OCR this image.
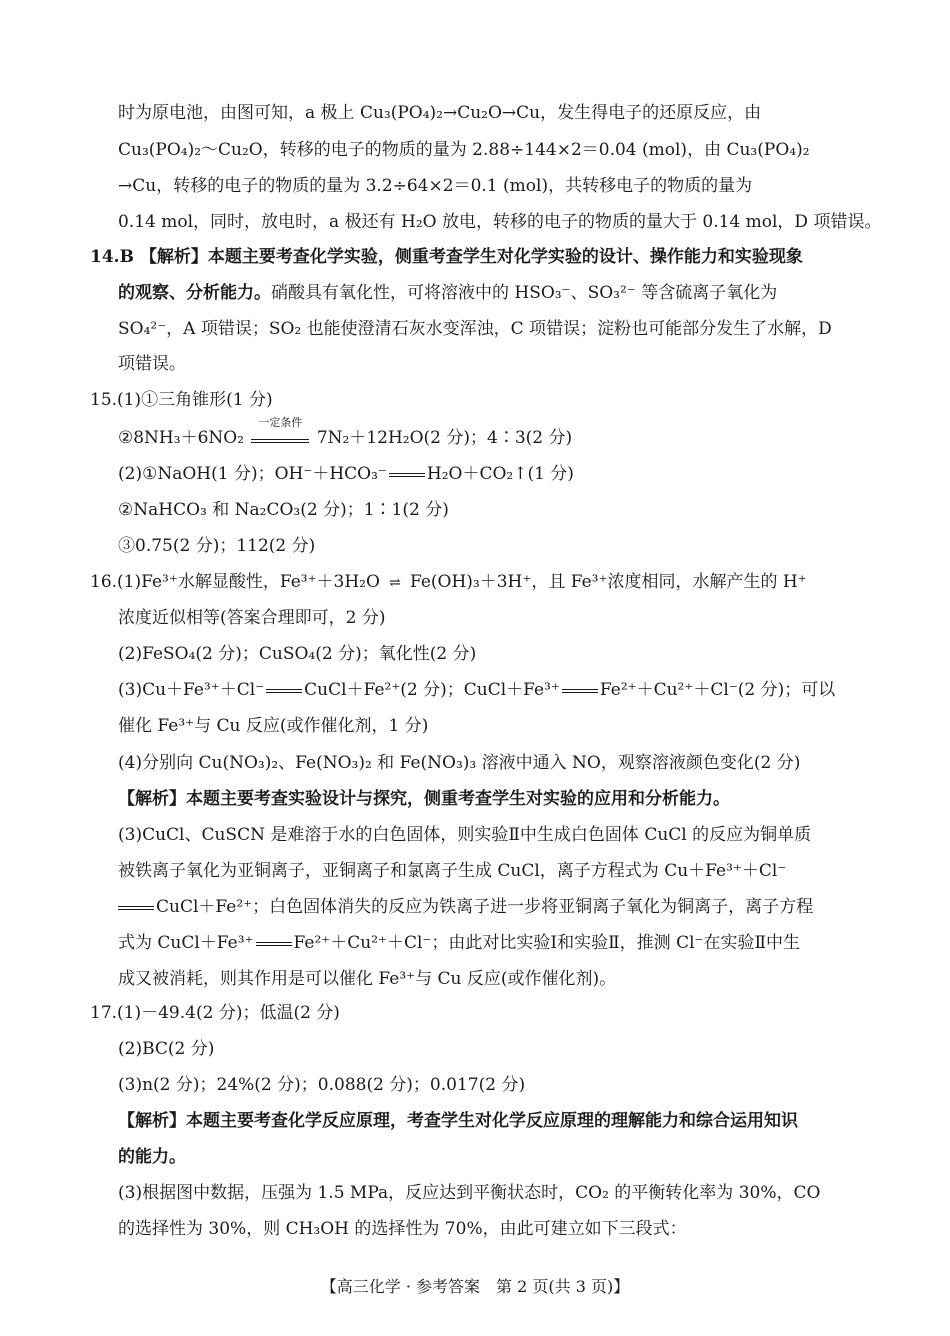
时为原电池，由图可知，a 极上 Cu₃(PO₄)₂→Cu₂O→Cu，发生得电子的还原反应，由
Cu₃(PO₄)₂～Cu₂O，转移的电子的物质的量为 2.88÷144×2＝0.04 (mol)，由 Cu₃(PO₄)₂
→Cu，转移的电子的物质的量为 3.2÷64×2＝0.1 (mol)，共转移电子的物质的量为
0.14 mol，同时，放电时，a 极还有 H₂O 放电，转移的电子的物质的量大于 0.14 mol，D 项错误。
14.B 【解析】本题主要考查化学实验，侧重考查学生对化学实验的设计、操作能力和实验现象
的观察、分析能力。硝酸具有氧化性，可将溶液中的 HSO₃⁻、SO₃²⁻ 等含硫离子氧化为
SO₄²⁻，A 项错误；SO₂ 也能使澄清石灰水变浑浊，C 项错误；淀粉也可能部分发生了水解，D
项错误。
15.(1)①三角锥形(1 分)
②8NH₃＋6NO₂
一定条件
7N₂＋12H₂O(2 分)；4∶3(2 分)
(2)①NaOH(1 分)；OH⁻＋HCO₃⁻ H₂O＋CO₂↑(1 分)
②NaHCO₃ 和 Na₂CO₃(2 分)；1∶1(2 分)
③0.75(2 分)；112(2 分)
16.(1)Fe³⁺水解显酸性，Fe³⁺＋3H₂O ⇌ Fe(OH)₃＋3H⁺，且 Fe³⁺浓度相同，水解产生的 H⁺
浓度近似相等(答案合理即可，2 分)
(2)FeSO₄(2 分)；CuSO₄(2 分)；氧化性(2 分)
(3)Cu＋Fe³⁺＋Cl⁻ CuCl＋Fe²⁺(2 分)；CuCl＋Fe³⁺ Fe²⁺＋Cu²⁺＋Cl⁻(2 分)；可以
催化 Fe³⁺与 Cu 反应(或作催化剂，1 分)
(4)分别向 Cu(NO₃)₂、Fe(NO₃)₂ 和 Fe(NO₃)₃ 溶液中通入 NO，观察溶液颜色变化(2 分)
【解析】本题主要考查实验设计与探究，侧重考查学生对实验的应用和分析能力。
(3)CuCl、CuSCN 是难溶于水的白色固体，则实验Ⅱ中生成白色固体 CuCl 的反应为铜单质
被铁离子氧化为亚铜离子，亚铜离子和氯离子生成 CuCl，离子方程式为 Cu＋Fe³⁺＋Cl⁻
CuCl＋Fe²⁺；白色固体消失的反应为铁离子进一步将亚铜离子氧化为铜离子，离子方程
式为 CuCl＋Fe³⁺ Fe²⁺＋Cu²⁺＋Cl⁻；由此对比实验Ⅰ和实验Ⅱ，推测 Cl⁻在实验Ⅱ中生
成又被消耗，则其作用是可以催化 Fe³⁺与 Cu 反应(或作催化剂)。
17.(1)－49.4(2 分)；低温(2 分)
(2)BC(2 分)
(3)n(2 分)；24%(2 分)；0.088(2 分)；0.017(2 分)
【解析】本题主要考查化学反应原理，考查学生对化学反应原理的理解能力和综合运用知识
的能力。
(3)根据图中数据，压强为 1.5 MPa，反应达到平衡状态时，CO₂ 的平衡转化率为 30%，CO
的选择性为 30%，则 CH₃OH 的选择性为 70%，由此可建立如下三段式：
【高三化学 · 参考答案　第 2 页(共 3 页)】
